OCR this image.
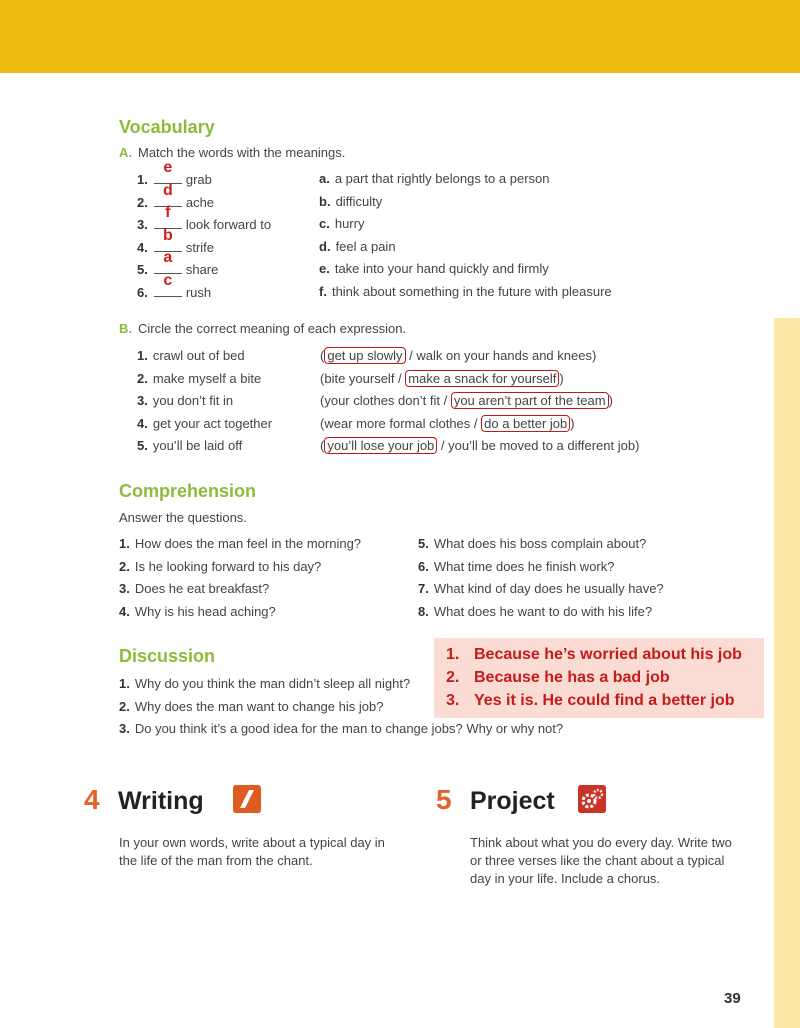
Vocabulary
A. Match the words with the meanings.
1.
e
grab	a. a part that rightly belongs to a person
2.
d
ache	b. difficulty
3.
f
look forward to	c. hurry
4.
b
strife	d. feel a pain
5.
a
share	e. take into your hand quickly and firmly
6.
c
rush	f. think about something in the future with pleasure
B. Circle the correct meaning of each expression.
1. crawl out of bed	( get up slowly / walk on your hands and knees)
2. make myself a bite	(bite yourself / make a snack for yourself )
3. you don’t fit in	(your clothes don’t fit / you aren’t part of the team )
4. get your act together	(wear more formal clothes / do a better job )
5. you’ll be laid off	( you’ll lose your job / you’ll be moved to a different job)
Comprehension
Answer the questions.
1. How does the man feel in the morning?
2. Is he looking forward to his day?
3. Does he eat breakfast?
4. Why is his head aching?
5. What does his boss complain about?
6. What time does he finish work?
7. What kind of day does he usually have?
8. What does he want to do with his life?
Discussion
1. Why do you think the man didn’t sleep all night?
2. Why does the man want to change his job?
3. Do you think it’s a good idea for the man to change jobs? Why or why not?
1. Because he’s worried about his job
2. Because he has a bad job
3. Yes it is. He could find a better job
4 Writing
In your own words, write about a typical day in the life of the man from the chant.
5 Project
Think about what you do every day. Write two or three verses like the chant about a typical day in your life. Include a chorus.
39
